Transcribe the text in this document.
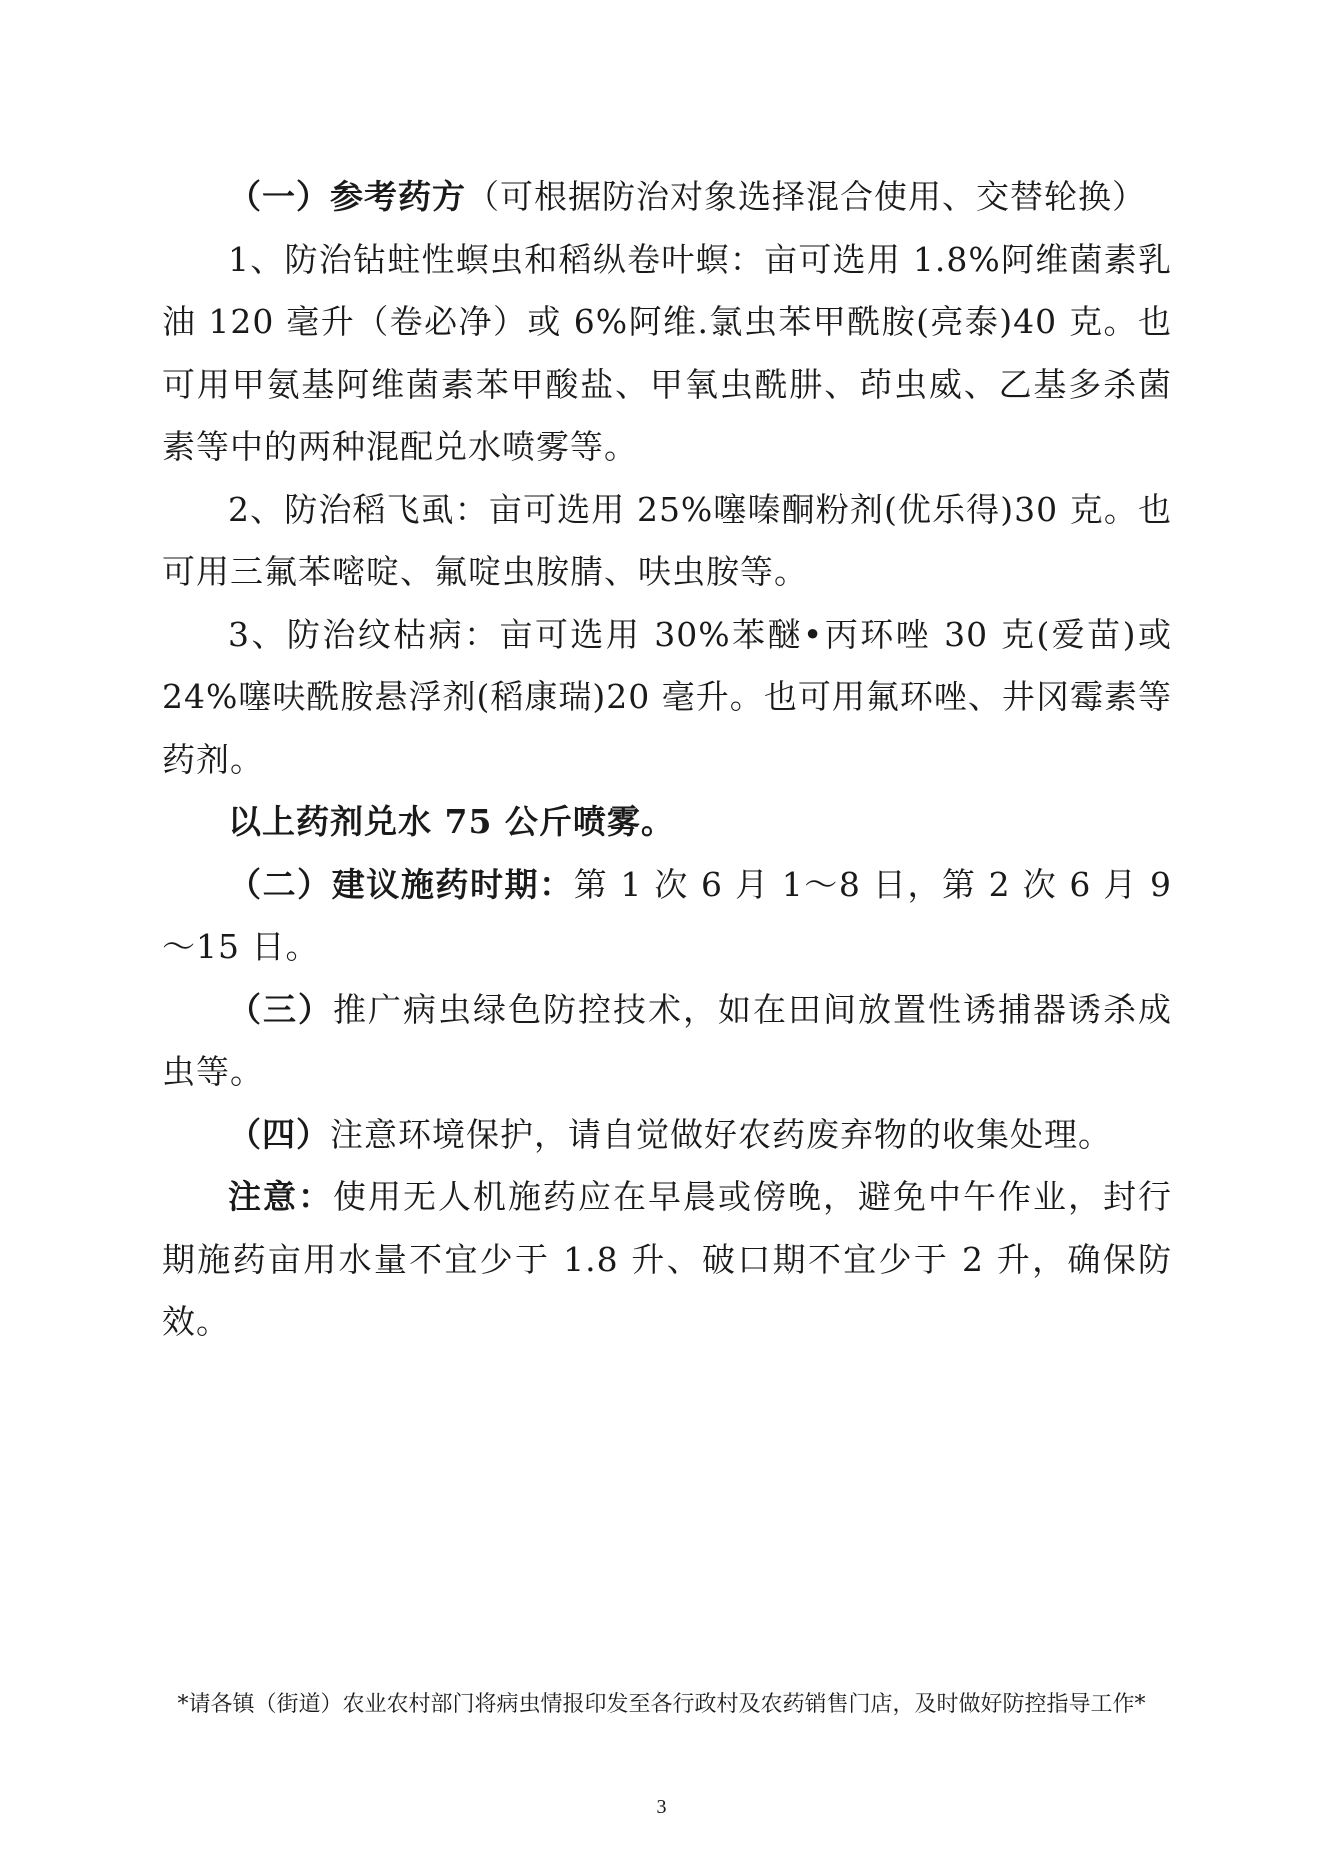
（一）参考药方（可根据防治对象选择混合使用、交替轮换）

1、防治钻蛀性螟虫和稻纵卷叶螟：亩可选用 1.8%阿维菌素乳油 120 毫升（卷必净）或 6%阿维.氯虫苯甲酰胺(亮泰)40 克。也可用甲氨基阿维菌素苯甲酸盐、甲氧虫酰肼、茚虫威、乙基多杀菌素等中的两种混配兑水喷雾等。

2、防治稻飞虱：亩可选用 25%噻嗪酮粉剂(优乐得)30 克。也可用三氟苯嘧啶、氟啶虫胺腈、呋虫胺等。

3、防治纹枯病：亩可选用 30%苯醚•丙环唑 30 克(爱苗)或 24%噻呋酰胺悬浮剂(稻康瑞)20 毫升。也可用氟环唑、井冈霉素等药剂。

以上药剂兑水 75 公斤喷雾。

（二）建议施药时期：第 1 次 6 月 1～8 日，第 2 次 6 月 9～15 日。

（三）推广病虫绿色防控技术，如在田间放置性诱捕器诱杀成虫等。

（四）注意环境保护，请自觉做好农药废弃物的收集处理。

注意：使用无人机施药应在早晨或傍晚，避免中午作业，封行期施药亩用水量不宜少于 1.8 升、破口期不宜少于 2 升，确保防效。

*请各镇（街道）农业农村部门将病虫情报印发至各行政村及农药销售门店，及时做好防控指导工作*
3
